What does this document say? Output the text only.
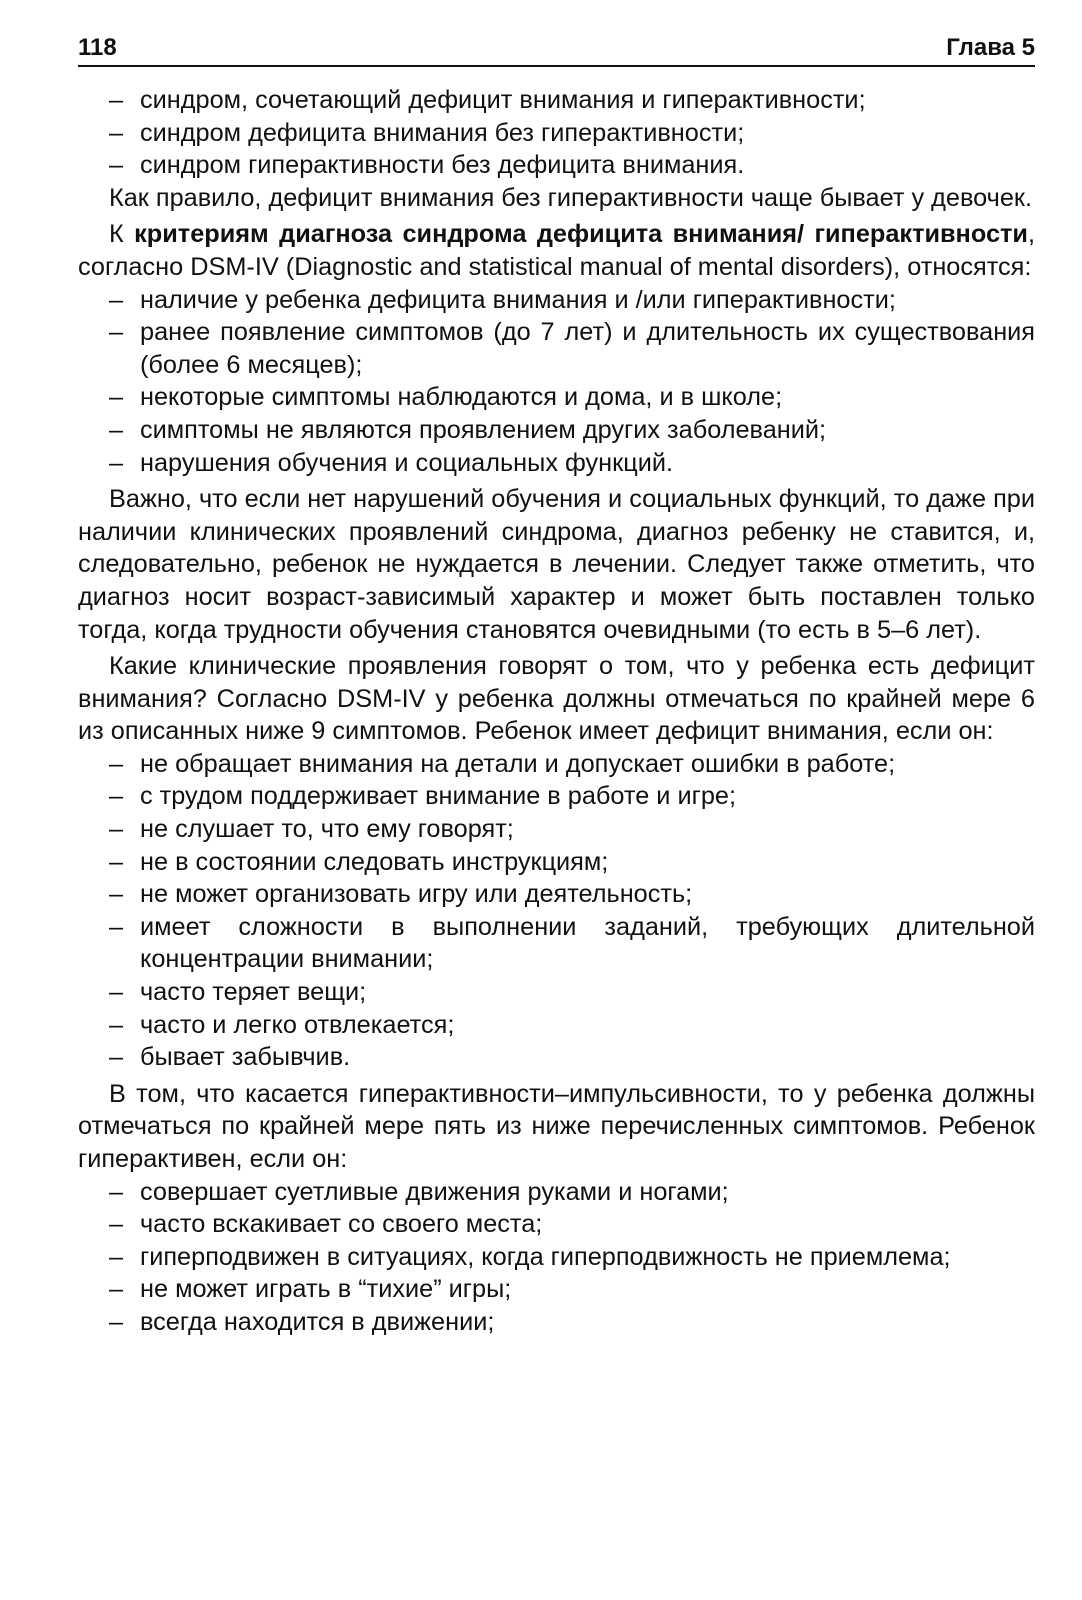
118	Глава 5
– синдром, сочетающий дефицит внимания и гиперактивности;
– синдром дефицита внимания без гиперактивности;
– синдром гиперактивности без дефицита внимания.

Как правило, дефицит внимания без гиперактивности чаще бывает у девочек.

К критериям диагноза синдрома дефицита внимания/ гиперактивности, согласно DSM-IV (Diagnostic and statistical manual of mental disorders), относятся:

– наличие у ребенка дефицита внимания и /или гиперактивности;
– ранее появление симптомов (до 7 лет) и длительность их существования (более 6 месяцев);
– некоторые симптомы наблюдаются и дома, и в школе;
– симптомы не являются проявлением других заболеваний;
– нарушения обучения и социальных функций.

Важно, что если нет нарушений обучения и социальных функций, то даже при наличии клинических проявлений синдрома, диагноз ребенку не ставится, и, следовательно, ребенок не нуждается в лечении. Следует также отметить, что диагноз носит возраст-зависимый характер и может быть поставлен только тогда, когда трудности обучения становятся очевидными (то есть в 5–6 лет).

Какие клинические проявления говорят о том, что у ребенка есть дефицит внимания? Согласно DSM-IV у ребенка должны отмечаться по крайней мере 6 из описанных ниже 9 симптомов. Ребенок имеет дефицит внимания, если он:

– не обращает внимания на детали и допускает ошибки в работе;
– с трудом поддерживает внимание в работе и игре;
– не слушает то, что ему говорят;
– не в состоянии следовать инструкциям;
– не может организовать игру или деятельность;
– имеет сложности в выполнении заданий, требующих длительной концентрации внимании;
– часто теряет вещи;
– часто и легко отвлекается;
– бывает забывчив.

В том, что касается гиперактивности–импульсивности, то у ребенка должны отмечаться по крайней мере пять из ниже перечисленных симптомов. Ребенок гиперактивен, если он:

– совершает суетливые движения руками и ногами;
– часто вскакивает со своего места;
– гиперподвижен в ситуациях, когда гиперподвижность не приемлема;
– не может играть в “тихие” игры;
– всегда находится в движении;
